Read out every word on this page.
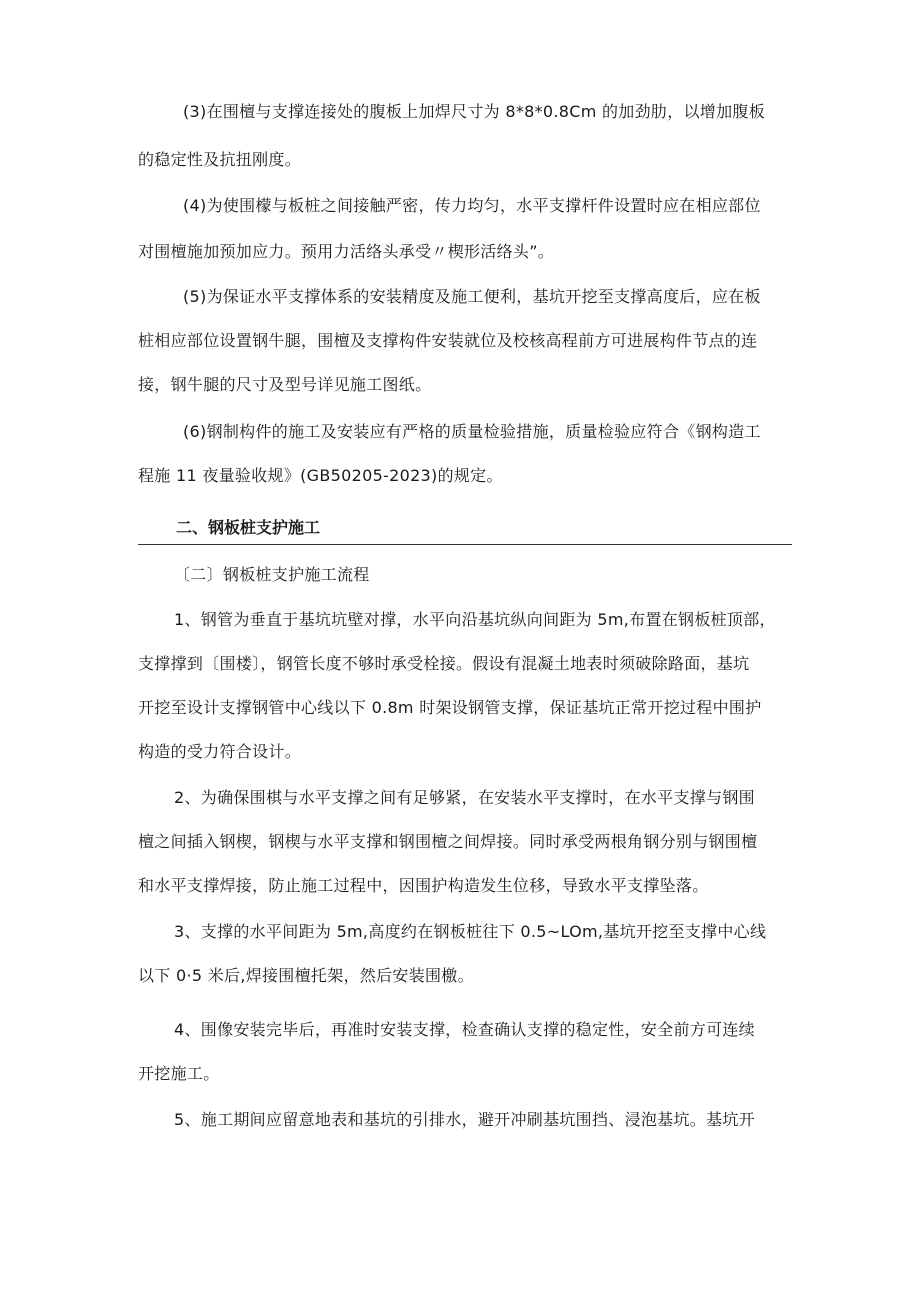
(3)在围檀与支撑连接处的腹板上加焊尺寸为 8*8*0.8Cm 的加劲肋，以增加腹板
的稳定性及抗扭刚度。
(4)为使围檬与板桩之间接触严密，传力均匀，水平支撑杆件设置时应在相应部位
对围檀施加预加应力。预用力活络头承受〃楔形活络头”。
(5)为保证水平支撑体系的安装精度及施工便利，基坑开挖至支撑高度后，应在板
桩相应部位设置钢牛腿，围檀及支撑构件安装就位及校核高程前方可进展构件节点的连
接，钢牛腿的尺寸及型号详见施工图纸。
(6)钢制构件的施工及安装应有严格的质量检验措施，质量检验应符合《钢构造工
程施 11 夜量验收规》(GB50205-2023)的规定。
二、钢板桩支护施工
〔二〕钢板桩支护施工流程
1、钢管为垂直于基坑坑壁对撑，水平向沿基坑纵向间距为 5m,布置在钢板桩顶部，
支撑撑到〔围楼〕，钢管长度不够时承受栓接。假设有混凝土地表时须破除路面，基坑
开挖至设计支撑钢管中心线以下 0.8m 时架设钢管支撑，保证基坑正常开挖过程中围护
构造的受力符合设计。
2、为确保围棋与水平支撑之间有足够紧，在安装水平支撑时，在水平支撑与钢围
檀之间插入钢楔，钢楔与水平支撑和钢围檀之间焊接。同时承受两根角钢分别与钢围檀
和水平支撑焊接，防止施工过程中，因围护构造发生位移，导致水平支撑坠落。
3、支撑的水平间距为 5m,高度约在钢板桩往下 0.5~LOm,基坑开挖至支撑中心线
以下 0·5 米后,焊接围檀托架，然后安装围檄。
4、围像安装完毕后，再准时安装支撑，检查确认支撑的稳定性，安全前方可连续
开挖施工。
5、施工期间应留意地表和基坑的引排水，避开冲刷基坑围挡、浸泡基坑。基坑开
